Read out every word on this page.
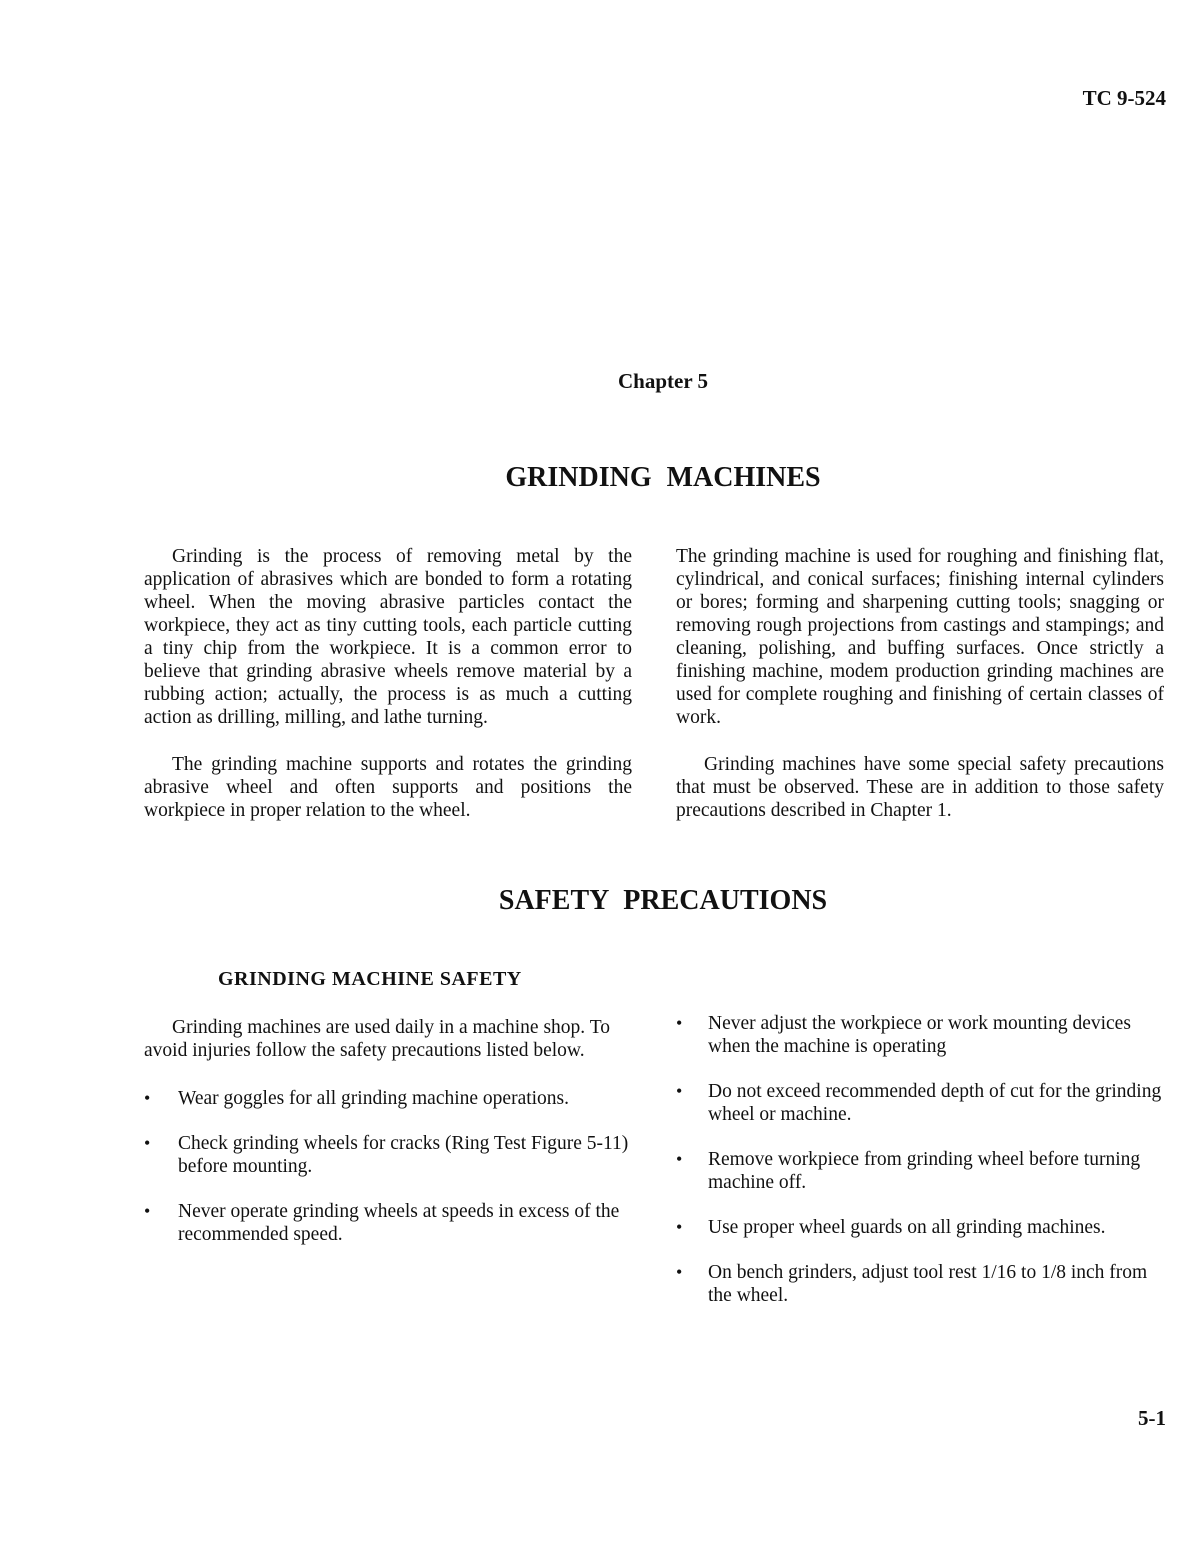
TC 9-524
Chapter 5
GRINDING MACHINES

Grinding is the process of removing metal by the application of abrasives which are bonded to form a rotating wheel. When the moving abrasive particles contact the workpiece, they act as tiny cutting tools, each particle cutting a tiny chip from the workpiece. It is a common error to believe that grinding abrasive wheels remove material by a rubbing action; actually, the process is as much a cutting action as drilling, milling, and lathe turning.

The grinding machine supports and rotates the grinding abrasive wheel and often supports and positions the workpiece in proper relation to the wheel.

The grinding machine is used for roughing and finishing flat, cylindrical, and conical surfaces; finishing internal cylinders or bores; forming and sharpening cutting tools; snagging or removing rough projections from castings and stampings; and cleaning, polishing, and buffing surfaces. Once strictly a finishing machine, modem production grinding machines are used for complete roughing and finishing of certain classes of work.

Grinding machines have some special safety precautions that must be observed. These are in addition to those safety precautions described in Chapter 1.

SAFETY PRECAUTIONS
GRINDING MACHINE SAFETY

Grinding machines are used daily in a machine shop. To avoid injuries follow the safety precautions listed below.

•	Wear goggles for all grinding machine operations.
•	Check grinding wheels for cracks (Ring Test Figure 5-11) before mounting.
•	Never operate grinding wheels at speeds in excess of the recommended speed.
•	Never adjust the workpiece or work mounting devices when the machine is operating
•	Do not exceed recommended depth of cut for the grinding wheel or machine.
•	Remove workpiece from grinding wheel before turning machine off.
•	Use proper wheel guards on all grinding machines.
•	On bench grinders, adjust tool rest 1/16 to 1/8 inch from the wheel.
5-1
